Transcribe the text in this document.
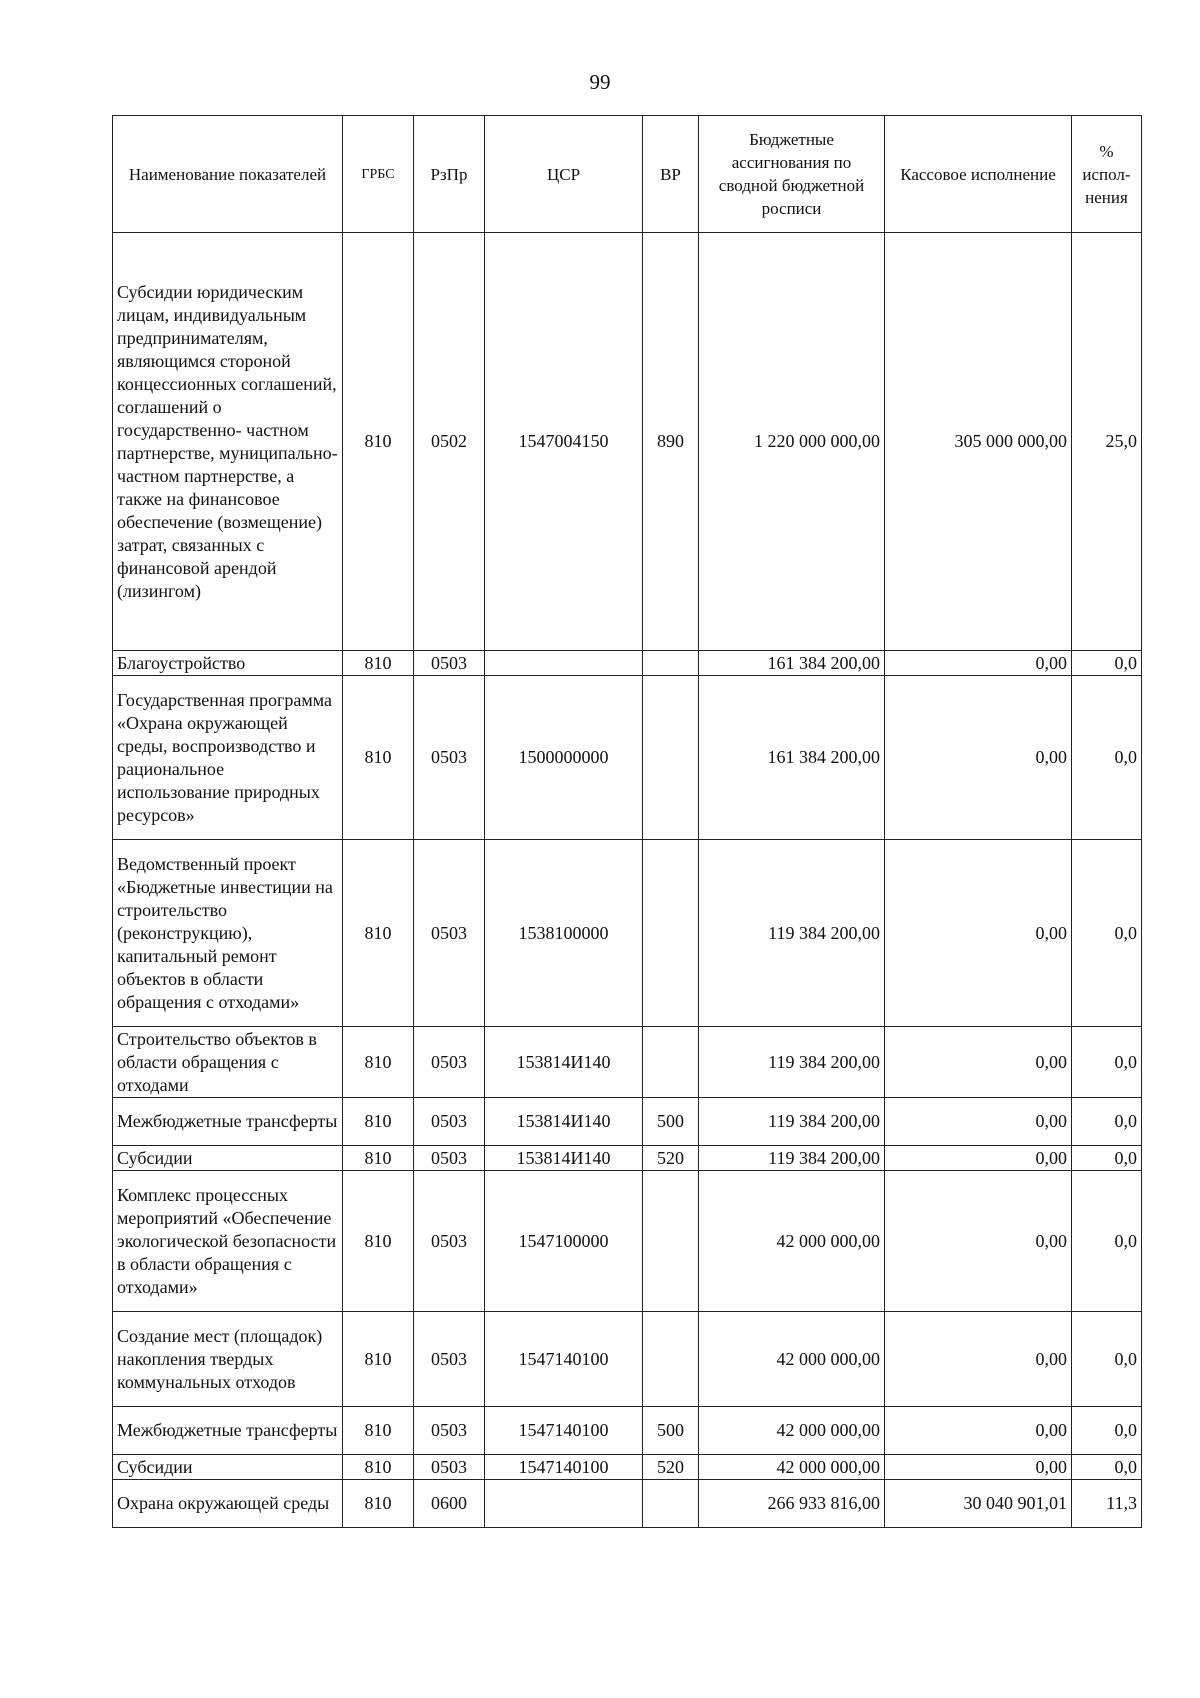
99
Наименование показателей	ГРБС	РзПр	ЦСР	ВР	Бюджетные ассигнования по сводной бюджетной росписи	Кассовое исполнение	% испол- нения
Субсидии юридическим лицам, индивидуальным предпринимателям, являющимся стороной концессионных соглашений, соглашений о государственно- частном партнерстве, муниципально-частном партнерстве, а также на финансовое обеспечение (возмещение) затрат, связанных с финансовой арендой (лизингом)	810	0502	1547004150	890	1 220 000 000,00	305 000 000,00	25,0
Благоустройство	810	0503			161 384 200,00	0,00	0,0
Государственная программа «Охрана окружающей среды, воспроизводство и рациональное использование природных ресурсов»	810	0503	1500000000		161 384 200,00	0,00	0,0
Ведомственный проект «Бюджетные инвестиции на строительство (реконструкцию), капитальный ремонт объектов в области обращения с отходами»	810	0503	1538100000		119 384 200,00	0,00	0,0
Строительство объектов в области обращения с отходами	810	0503	153814И140		119 384 200,00	0,00	0,0
Межбюджетные трансферты	810	0503	153814И140	500	119 384 200,00	0,00	0,0
Субсидии	810	0503	153814И140	520	119 384 200,00	0,00	0,0
Комплекс процессных мероприятий «Обеспечение экологической безопасности в области обращения с отходами»	810	0503	1547100000		42 000 000,00	0,00	0,0
Создание мест (площадок) накопления твердых коммунальных отходов	810	0503	1547140100		42 000 000,00	0,00	0,0
Межбюджетные трансферты	810	0503	1547140100	500	42 000 000,00	0,00	0,0
Субсидии	810	0503	1547140100	520	42 000 000,00	0,00	0,0
Охрана окружающей среды	810	0600			266 933 816,00	30 040 901,01	11,3
